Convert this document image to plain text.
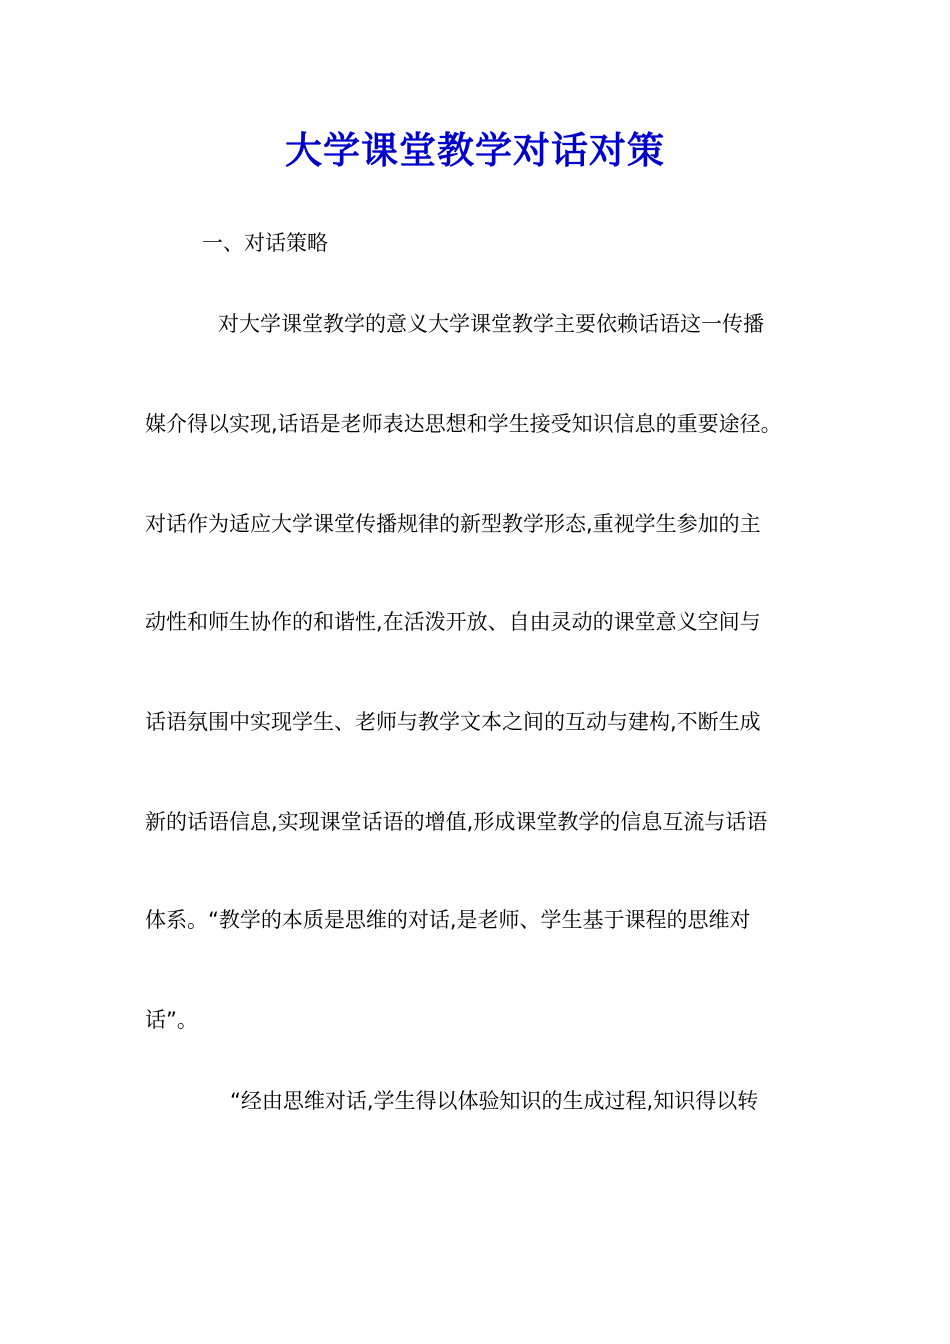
大学课堂教学对话对策
一、对话策略
对大学课堂教学的意义大学课堂教学主要依赖话语这一传播
媒介得以实现,话语是老师表达思想和学生接受知识信息的重要途径。
对话作为适应大学课堂传播规律的新型教学形态,重视学生参加的主
动性和师生协作的和谐性,在活泼开放、自由灵动的课堂意义空间与
话语氛围中实现学生、老师与教学文本之间的互动与建构,不断生成
新的话语信息,实现课堂话语的增值,形成课堂教学的信息互流与话语
体系。“教学的本质是思维的对话,是老师、学生基于课程的思维对
话”。
“经由思维对话,学生得以体验知识的生成过程,知识得以转
